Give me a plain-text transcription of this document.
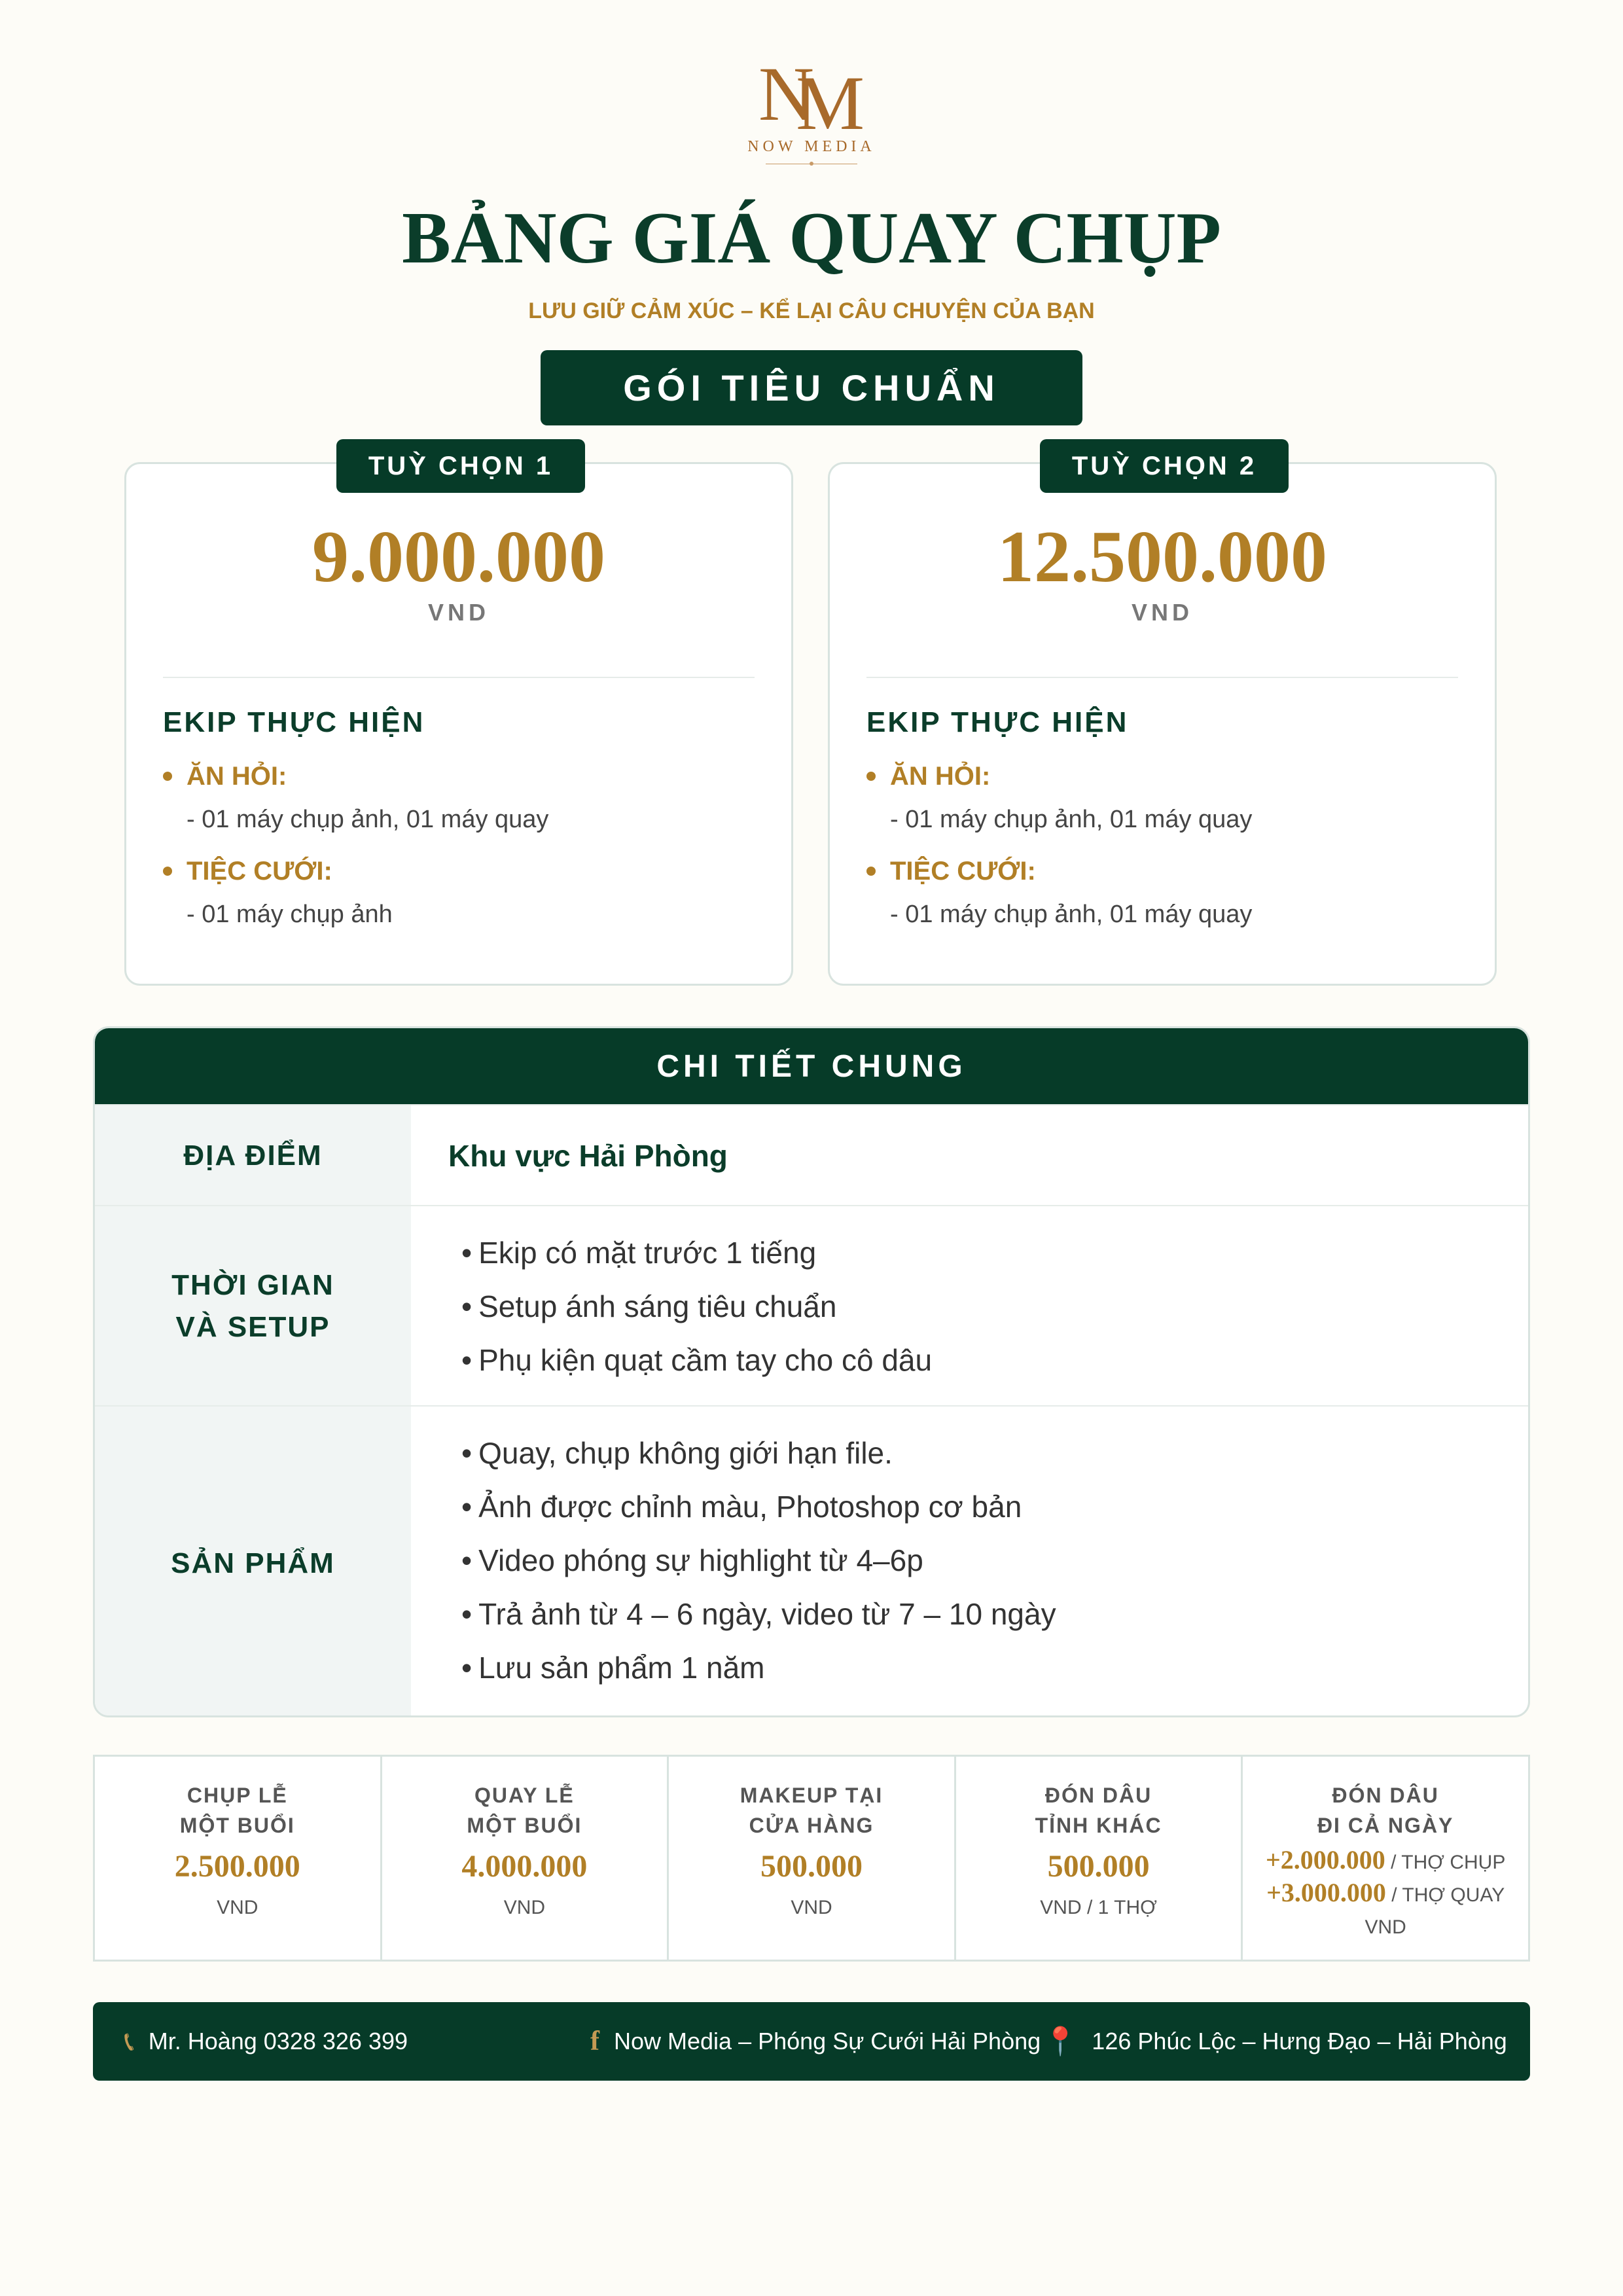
NM
NOW MEDIA
BẢNG GIÁ QUAY CHỤP
LƯU GIỮ CẢM XÚC – KỂ LẠI CÂU CHUYỆN CỦA BẠN
GÓI TIÊU CHUẨN
TUỲ CHỌN 1
9.000.000
VND
EKIP THỰC HIỆN
ĂN HỎI:
- 01 máy chụp ảnh, 01 máy quay
TIỆC CƯỚI:
- 01 máy chụp ảnh
TUỲ CHỌN 2
12.500.000
VND
EKIP THỰC HIỆN
ĂN HỎI:
- 01 máy chụp ảnh, 01 máy quay
TIỆC CƯỚI:
- 01 máy chụp ảnh, 01 máy quay
CHI TIẾT CHUNG
ĐỊA ĐIỂM	Khu vực Hải Phòng
THỜI GIAN
VÀ SETUP
• Ekip có mặt trước 1 tiếng
• Setup ánh sáng tiêu chuẩn
• Phụ kiện quạt cầm tay cho cô dâu
SẢN PHẨM
• Quay, chụp không giới hạn file.
• Ảnh được chỉnh màu, Photoshop cơ bản
• Video phóng sự highlight từ 4–6p
• Trả ảnh từ 4 – 6 ngày, video từ 7 – 10 ngày
• Lưu sản phẩm 1 năm
CHỤP LỄ
MỘT BUỔI
2.500.000
VND
QUAY LỄ
MỘT BUỔI
4.000.000
VND
MAKEUP TẠI
CỬA HÀNG
500.000
VND
ĐÓN DÂU
TỈNH KHÁC
500.000
VND / 1 THỢ
ĐÓN DÂU
ĐI CẢ NGÀY
+2.000.000 / THỢ CHỤP
+3.000.000 / THỢ QUAY
VND
📞︎ Mr. Hoàng 0328 326 399	f Now Media – Phóng Sự Cưới Hải Phòng 📍 126 Phúc Lộc – Hưng Đạo – Hải Phòng
